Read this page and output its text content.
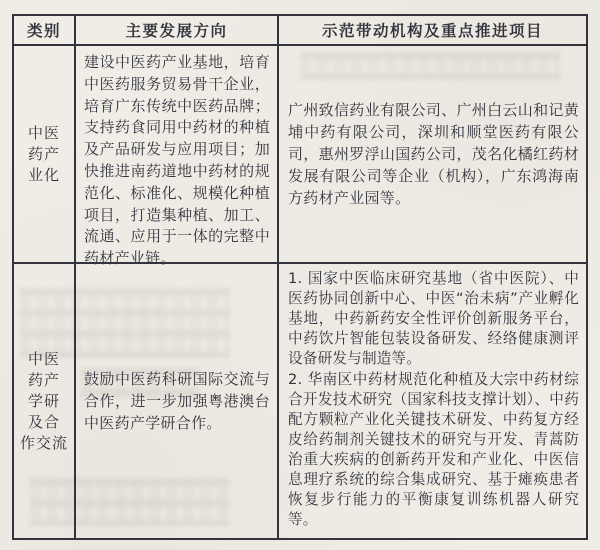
类别	主要发展方向	示范带动机构及重点推进项目
中医
药产
业化

建设中医药产业基地，培育中医药服务贸易骨干企业，培育广东传统中医药品牌；支持药食同用中药材的种植及产品研发与应用项目；加快推进南药道地中药材的规范化、标准化、规模化种植项目，打造集种植、加工、流通、应用于一体的完整中药材产业链。

广州致信药业有限公司、广州白云山和记黄埔中药有限公司，深圳和顺堂医药有限公司，惠州罗浮山国药公司，茂名化橘红药材发展有限公司等企业（机构），广东鸿海南方药材产业园等。

中医
药产
学研
及合
作交流

鼓励中医药科研国际交流与合作，进一步加强粤港澳台中医药产学研合作。

1. 国家中医临床研究基地（省中医院）、中医药协同创新中心、中医“治未病”产业孵化基地，中药新药安全性评价创新服务平台，中药饮片智能包装设备研发、经络健康测评设备研发与制造等。

2. 华南区中药材规范化种植及大宗中药材综合开发技术研究（国家科技支撑计划）、中药配方颗粒产业化关键技术研发、中药复方经皮给药制剂关键技术的研究与开发、青蒿防治重大疾病的创新药开发和产业化、中医信息理疗系统的综合集成研究、基于瘫痪患者恢复步行能力的平衡康复训练机器人研究等。
